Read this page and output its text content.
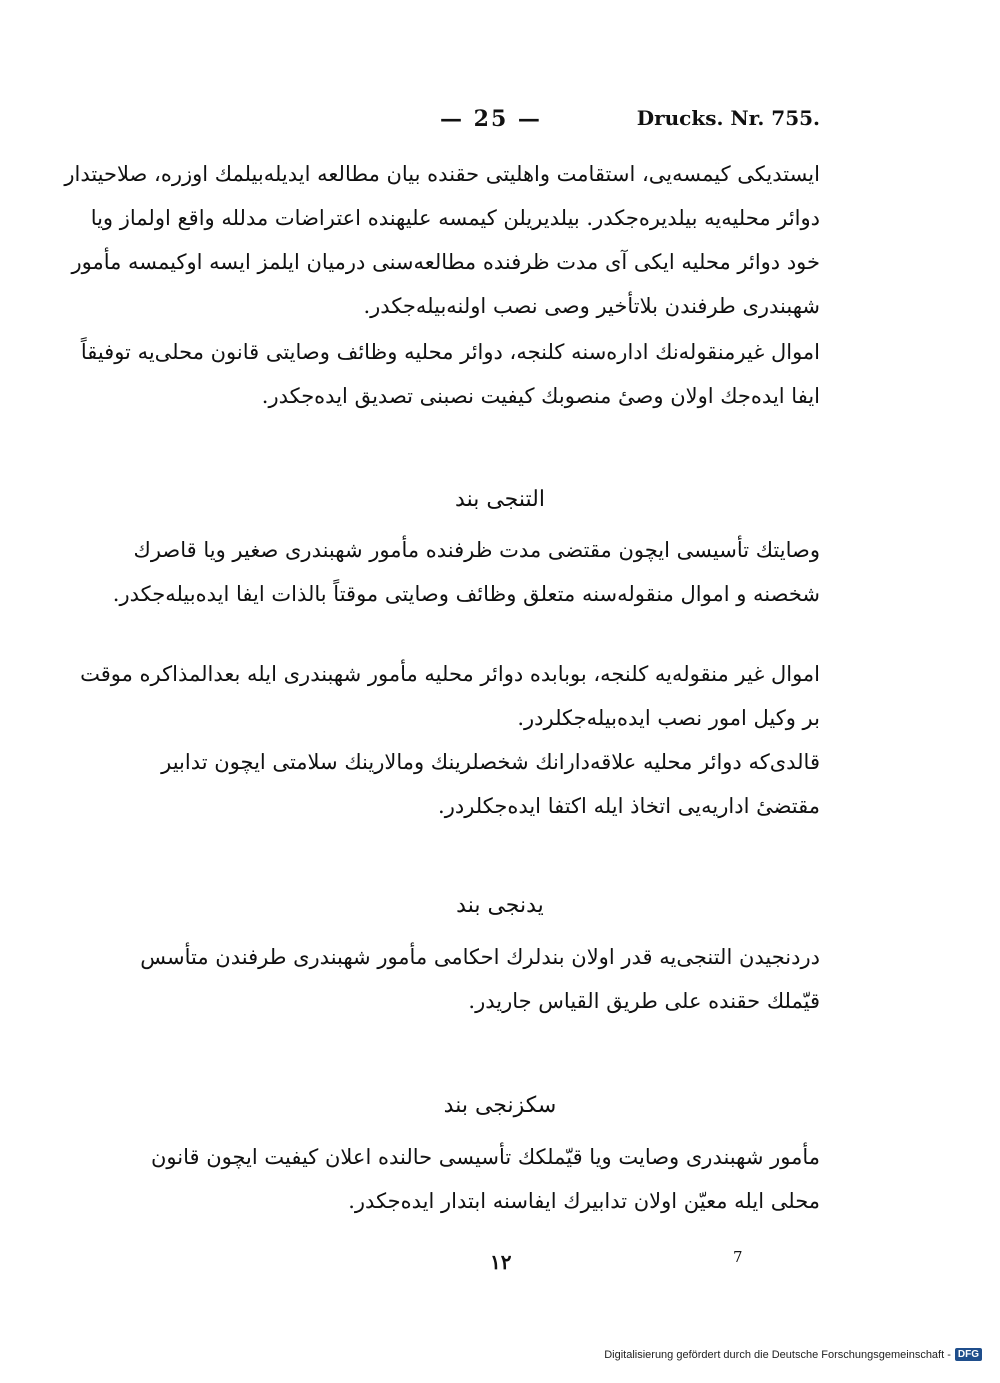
— 25 —	Drucks. Nr. 755.
ایستدیکی کیمسه‌یی، استقامت واهلیتی حقنده بیان مطالعه ایدیلەبیلمك اوزره، صلاحیتدار
دوائر محلیه‌یه بیلدیره‌جکدر. بیلدیریلن کیمسه علیهنده اعتراضات مدلله واقع اولماز ویا
خود دوائر محلیه ایکی آی مدت ظرفنده مطالعه‌سنی درمیان ایلمز ایسه اوکیمسه مأمور
شهبندری طرفندن بلاتأخیر وصی نصب اولنەبیلەجکدر.
اموال غیرمنقوله‌نك اداره‌سنه کلنجه، دوائر محلیه وظائف وصایتی قانون محلی‌یه توفیقاً
ایفا ایده‌جك اولان وصیٔ منصوبك کیفیت نصبنی تصدیق ایده‌جکدر.
التنجی بند
وصایتك تأسیسی ایچون مقتضی مدت ظرفنده مأمور شهبندری صغیر ویا قاصرك
شخصنه و اموال منقوله‌سنه متعلق وظائف وصایتی موقتاً بالذات ایفا ایده‌بیله‌جکدر.
اموال غیر منقوله‌یه کلنجه، بوبابده دوائر محلیه مأمور شهبندری ایله بعدالمذاکره موقت
بر وکیل امور نصب ایده‌بیله‌جکلردر.
قالدی‌که دوائر محلیه علاقه‌دارانك شخصلرینك ومالارینك سلامتی ایچون تدابیر
مقتضیٔ اداریه‌یی اتخاذ ایله اکتفا ایده‌جکلردر.
یدنجی بند
دردنجیدن التنجی‌یه قدر اولان بندلرك احکامی مأمور شهبندری طرفندن متأسس
قیّملك حقنده علی طریق القیاس جاریدر.
سکزنجی بند
مأمور شهبندری وصایت ویا قیّملکك تأسیسی حالنده اعلان کیفیت ایچون قانون
محلی ایله معیّن اولان تدابیرك ایفاسنه ابتدار ایده‌جکدر.
١٢	7
Digitalisierung gefördert durch die Deutsche Forschungsgemeinschaft - DFG
